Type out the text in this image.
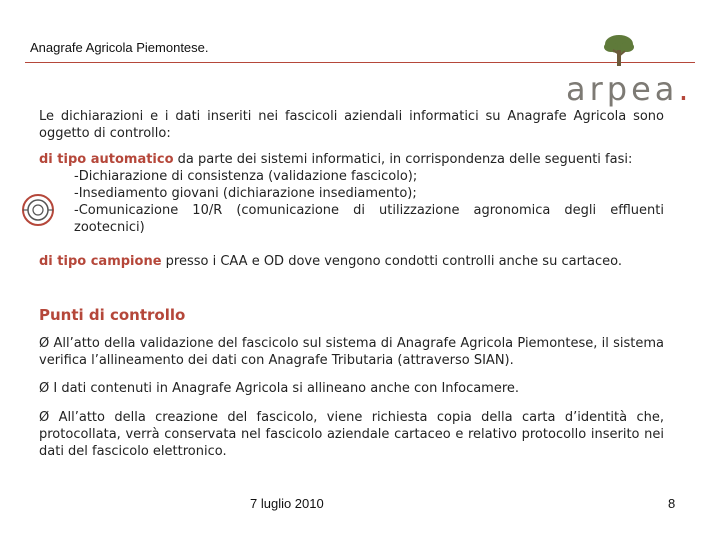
Anagrafe Agricola Piemontese.
arpea.
Le dichiarazioni e i dati inseriti nei fascicoli aziendali informatici su Anagrafe Agricola sono oggetto di controllo:
di tipo automatico da parte dei sistemi informatici, in corrispondenza delle seguenti fasi:
-Dichiarazione di consistenza (validazione fascicolo);
-Insediamento giovani (dichiarazione insediamento);
-Comunicazione 10/R (comunicazione di utilizzazione agronomica degli effluenti zootecnici)
di tipo campione presso i CAA e OD dove vengono condotti controlli anche su cartaceo.
Punti di controllo
Ø All’atto della validazione del fascicolo sul sistema di Anagrafe Agricola Piemontese, il sistema verifica l’allineamento dei dati con Anagrafe Tributaria (attraverso SIAN).
Ø I dati contenuti in Anagrafe Agricola si allineano anche con Infocamere.
Ø All’atto della creazione del fascicolo, viene richiesta copia della carta d’identità che, protocollata, verrà conservata nel fascicolo aziendale cartaceo e relativo protocollo inserito nei dati del fascicolo elettronico.
7 luglio 2010	8
